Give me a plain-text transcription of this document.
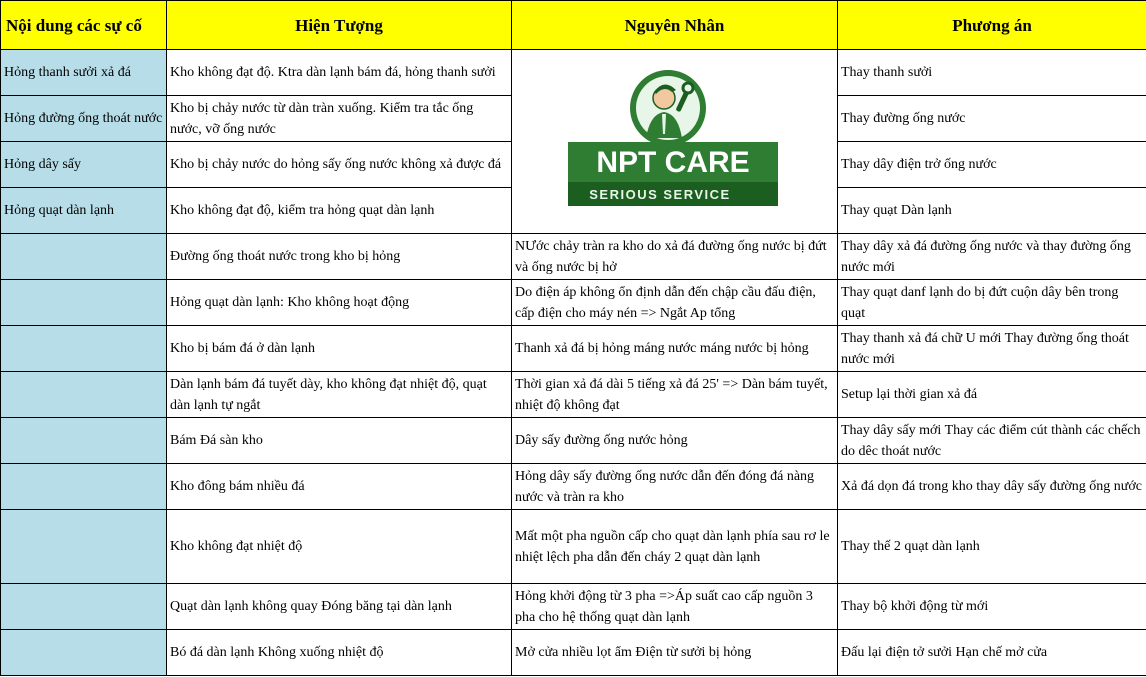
Nội dung các sự cố	Hiện Tượng	Nguyên Nhân	Phương án
Hỏng thanh sưởi xả đá	Kho không đạt độ. Ktra dàn lạnh bám đá, hỏng thanh sưởi		Thay thanh sưởi
Hỏng đường ống thoát nước	Kho bị chảy nước từ dàn tràn xuống. Kiểm tra tắc ống nước, vỡ ống nước		Thay đường ống nước
Hỏng dây sấy	Kho bị chảy nước do hỏng sấy ống nước không xả được đá		Thay dây điện trở ống nước
Hỏng quạt dàn lạnh	Kho không đạt độ, kiểm tra hỏng quạt dàn lạnh		Thay quạt Dàn lạnh
	Đường ống thoát nước trong kho bị hỏng	NƯớc chảy tràn ra kho do xả đá đường ống nước bị đứt và ống nước bị hở	Thay dây xả đá đường ống nước và thay đường ống nước mới
	Hỏng quạt dàn lạnh: Kho không hoạt động	Do điện áp không ổn định dẫn đến chập cầu đấu điện, cấp điện cho máy nén => Ngắt Ap tổng	Thay quạt danf lạnh do bị đứt cuộn dây bên trong quạt
	Kho bị bám đá ở dàn lạnh	Thanh xả đá bị hỏng máng nước máng nước bị hỏng	Thay thanh xả đá chữ U mới Thay đường ống thoát nước mới
	Dàn lạnh bám đá tuyết dày, kho không đạt nhiệt độ, quạt dàn lạnh tự ngắt	Thời gian xả đá dài 5 tiếng xả đá 25' => Dàn bám tuyết, nhiệt độ không đạt	Setup lại thời gian xả đá
	Bám Đá sàn kho	Dây sấy đường ống nước hỏng	Thay dây sấy mới Thay các điểm cút thành các chếch do dêc thoát nước
	Kho đông bám nhiều đá	Hỏng dây sấy đường ống nước dẫn đến đóng đá nàng nước và tràn ra kho	Xả đá dọn đá trong kho thay dây sấy đường ống nước
	Kho không đạt nhiệt độ	Mất một pha nguồn cấp cho quạt dàn lạnh phía sau rơ le nhiệt lệch pha dẫn đến cháy 2 quạt dàn lạnh	Thay thế 2 quạt dàn lạnh
	Quạt dàn lạnh không quay Đóng băng tại dàn lạnh	Hỏng khởi động từ 3 pha =>Áp suất cao cấp nguồn 3 pha cho hệ thống quạt dàn lạnh	Thay bộ khởi động từ mới
	Bó đá dàn lạnh Không xuống nhiệt độ	Mở cửa nhiều lọt ẩm Điện từ sưởi bị hỏng	Đấu lại điện tở sưởi Hạn chế mở cửa
NPT CARE
SERIOUS SERVICE
